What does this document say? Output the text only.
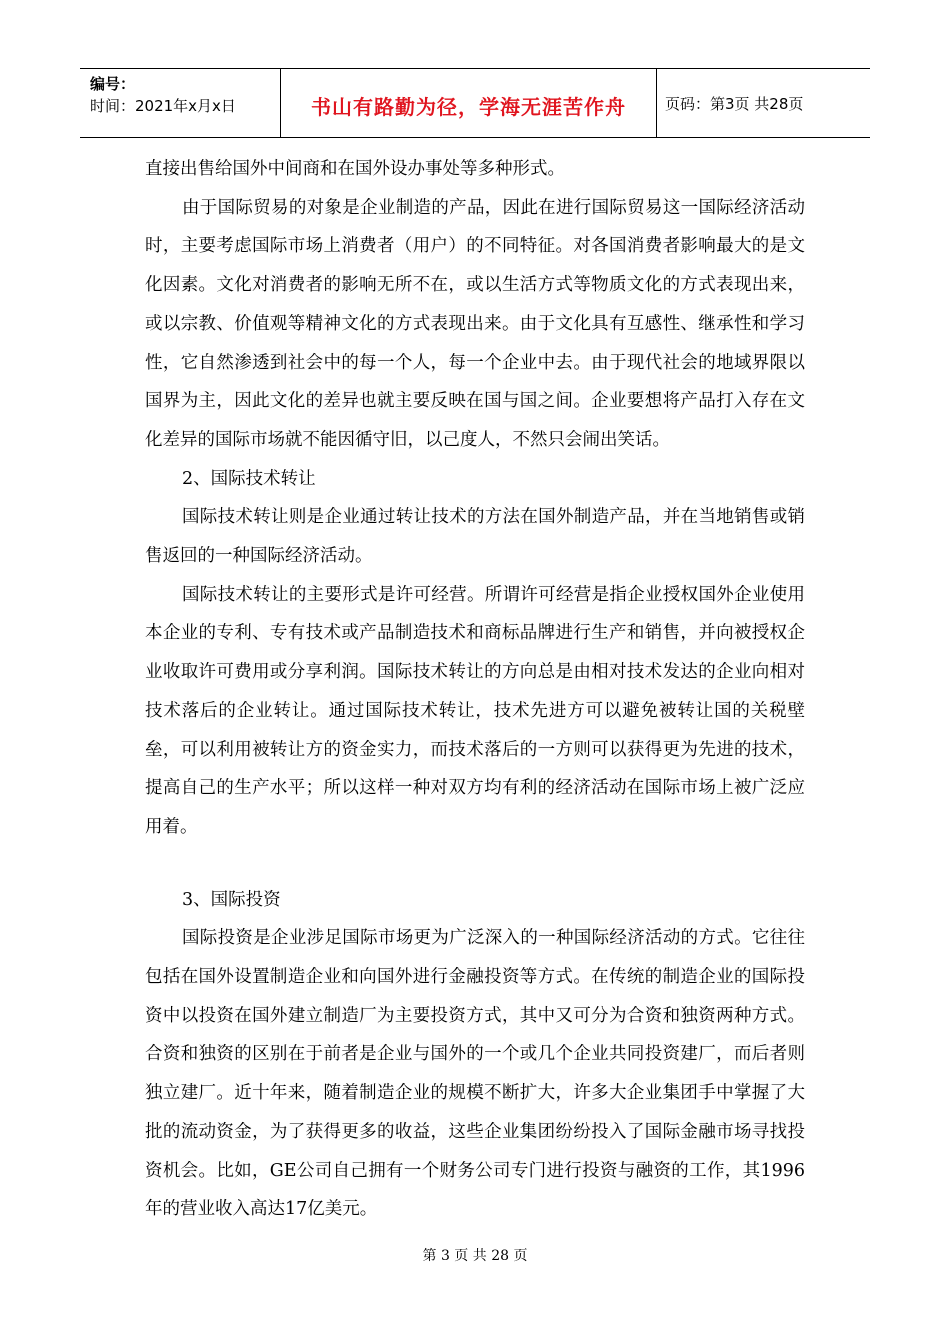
编号：
时间：2021年x月x日	书山有路勤为径，学海无涯苦作舟	页码：第3页 共28页

直接出售给国外中间商和在国外设办事处等多种形式。

由于国际贸易的对象是企业制造的产品，因此在进行国际贸易这一国际经济活动时，主要考虑国际市场上消费者（用户）的不同特征。对各国消费者影响最大的是文化因素。文化对消费者的影响无所不在，或以生活方式等物质文化的方式表现出来，或以宗教、价值观等精神文化的方式表现出来。由于文化具有互感性、继承性和学习性，它自然渗透到社会中的每一个人，每一个企业中去。由于现代社会的地域界限以国界为主，因此文化的差异也就主要反映在国与国之间。企业要想将产品打入存在文化差异的国际市场就不能因循守旧，以己度人，不然只会闹出笑话。

2、国际技术转让

国际技术转让则是企业通过转让技术的方法在国外制造产品，并在当地销售或销售返回的一种国际经济活动。

国际技术转让的主要形式是许可经营。所谓许可经营是指企业授权国外企业使用本企业的专利、专有技术或产品制造技术和商标品牌进行生产和销售，并向被授权企业收取许可费用或分享利润。国际技术转让的方向总是由相对技术发达的企业向相对技术落后的企业转让。通过国际技术转让，技术先进方可以避免被转让国的关税壁垒，可以利用被转让方的资金实力，而技术落后的一方则可以获得更为先进的技术，提高自己的生产水平；所以这样一种对双方均有利的经济活动在国际市场上被广泛应用着。

3、国际投资

国际投资是企业涉足国际市场更为广泛深入的一种国际经济活动的方式。它往往包括在国外设置制造企业和向国外进行金融投资等方式。在传统的制造企业的国际投资中以投资在国外建立制造厂为主要投资方式，其中又可分为合资和独资两种方式。合资和独资的区别在于前者是企业与国外的一个或几个企业共同投资建厂，而后者则独立建厂。近十年来，随着制造企业的规模不断扩大，许多大企业集团手中掌握了大批的流动资金，为了获得更多的收益，这些企业集团纷纷投入了国际金融市场寻找投资机会。比如，GE公司自己拥有一个财务公司专门进行投资与融资的工作，其1996年的营业收入高达17亿美元。

第 3 页 共 28 页
